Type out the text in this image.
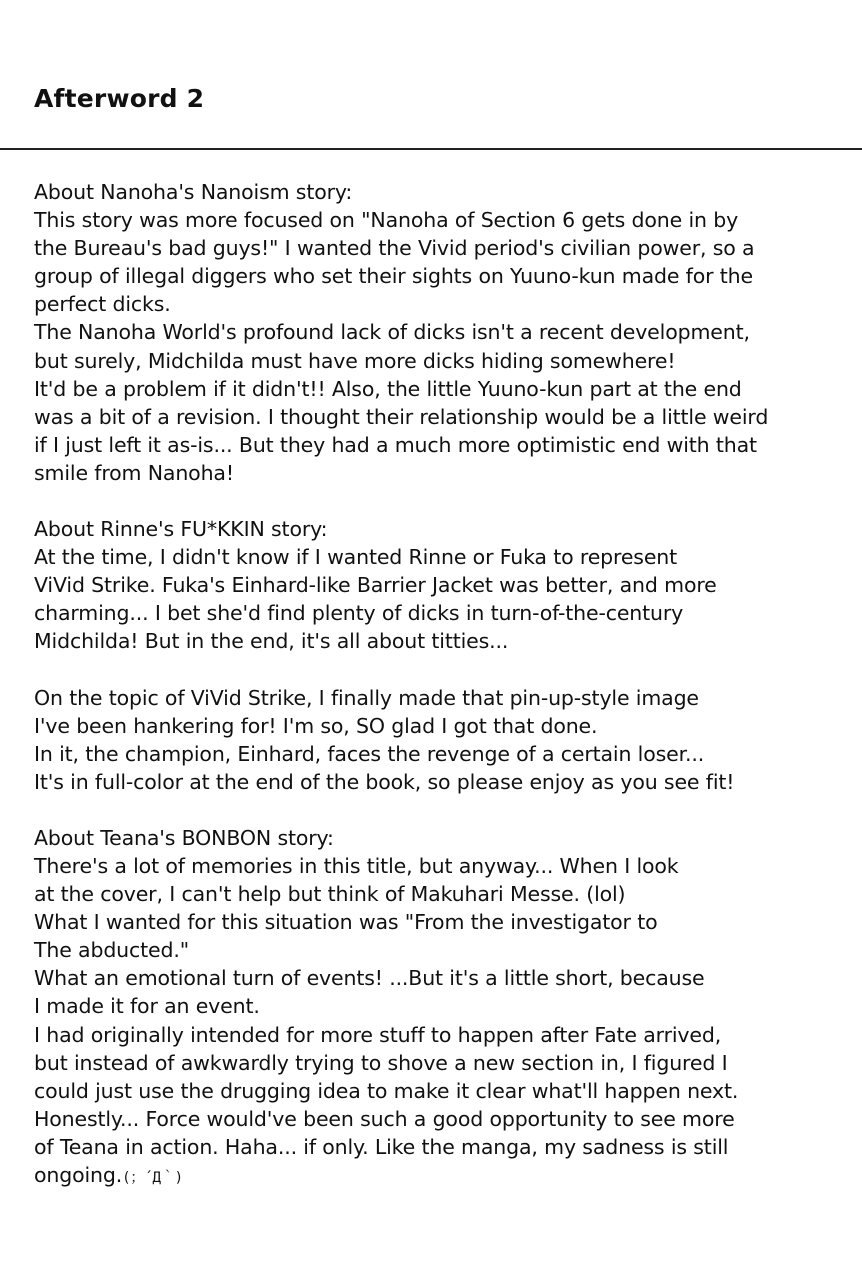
Afterword 2
About Nanoha's Nanoism story:
This story was more focused on "Nanoha of Section 6 gets done in by
the Bureau's bad guys!" I wanted the Vivid period's civilian power, so a
group of illegal diggers who set their sights on Yuuno-kun made for the
perfect dicks.
The Nanoha World's profound lack of dicks isn't a recent development,
but surely, Midchilda must have more dicks hiding somewhere!
It'd be a problem if it didn't!! Also, the little Yuuno-kun part at the end
was a bit of a revision. I thought their relationship would be a little weird
if I just left it as-is... But they had a much more optimistic end with that
smile from Nanoha!
About Rinne's FU*KKIN story:
At the time, I didn't know if I wanted Rinne or Fuka to represent
ViVid Strike. Fuka's Einhard-like Barrier Jacket was better, and more
charming... I bet she'd find plenty of dicks in turn-of-the-century
Midchilda! But in the end, it's all about titties...
On the topic of ViVid Strike, I finally made that pin-up-style image
I've been hankering for! I'm so, SO glad I got that done.
In it, the champion, Einhard, faces the revenge of a certain loser...
It's in full-color at the end of the book, so please enjoy as you see fit!
About Teana's BONBON story:
There's a lot of memories in this title, but anyway... When I look
at the cover, I can't help but think of Makuhari Messe. (lol)
What I wanted for this situation was "From the investigator to
The abducted."
What an emotional turn of events! ...But it's a little short, because
I made it for an event.
I had originally intended for more stuff to happen after Fate arrived,
but instead of awkwardly trying to shove a new section in, I figured I
could just use the drugging idea to make it clear what'll happen next.
Honestly... Force would've been such a good opportunity to see more
of Teana in action. Haha... if only. Like the manga, my sadness is still
ongoing.(；´Д｀)
